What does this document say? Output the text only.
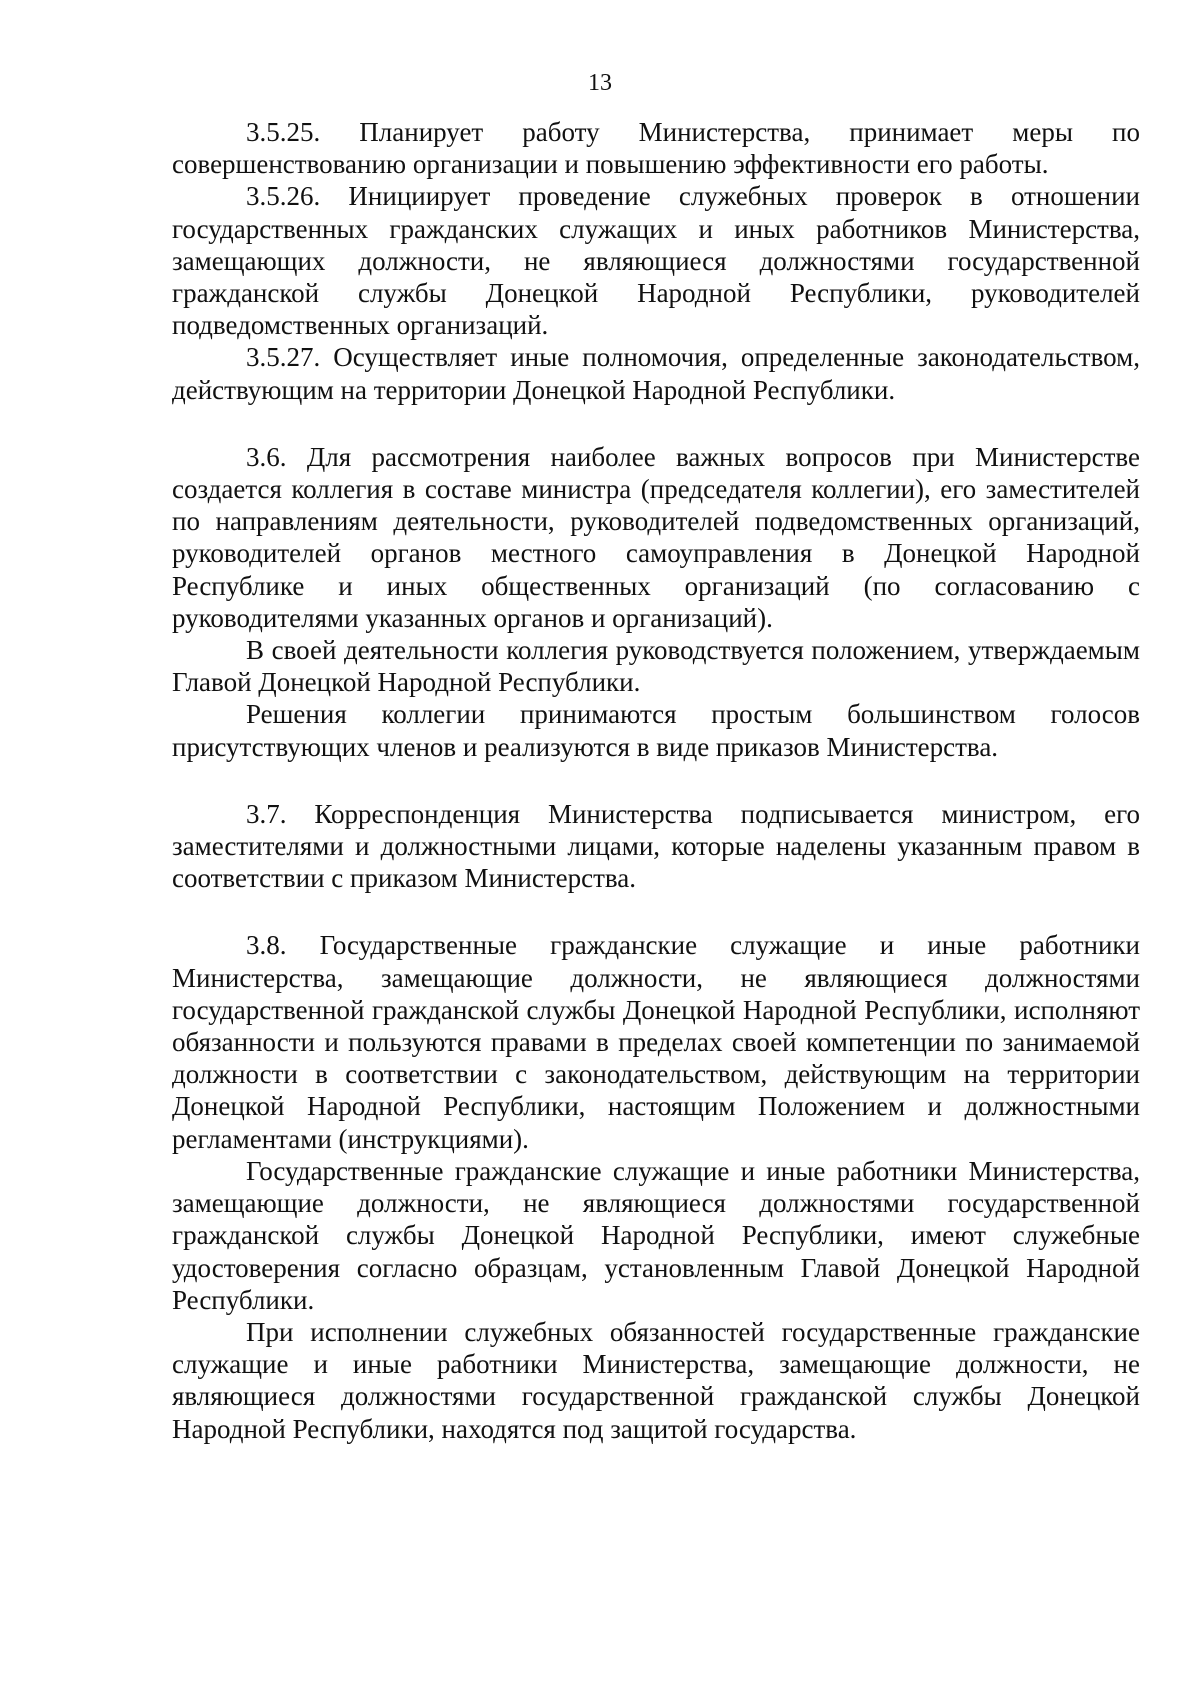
13

3.5.25. Планирует работу Министерства, принимает меры по совершенствованию организации и повышению эффективности его работы.

3.5.26. Инициирует проведение служебных проверок в отношении государственных гражданских служащих и иных работников Министерства, замещающих должности, не являющиеся должностями государственной гражданской службы Донецкой Народной Республики, руководителей подведомственных организаций.

3.5.27. Осуществляет иные полномочия, определенные законодательством, действующим на территории Донецкой Народной Республики.

3.6. Для рассмотрения наиболее важных вопросов при Министерстве создается коллегия в составе министра (председателя коллегии), его заместителей по направлениям деятельности, руководителей подведомственных организаций, руководителей органов местного самоуправления в Донецкой Народной Республике и иных общественных организаций (по согласованию с руководителями указанных органов и организаций).

В своей деятельности коллегия руководствуется положением, утверждаемым Главой Донецкой Народной Республики.

Решения коллегии принимаются простым большинством голосов присутствующих членов и реализуются в виде приказов Министерства.

3.7. Корреспонденция Министерства подписывается министром, его заместителями и должностными лицами, которые наделены указанным правом в соответствии с приказом Министерства.

3.8. Государственные гражданские служащие и иные работники Министерства, замещающие должности, не являющиеся должностями государственной гражданской службы Донецкой Народной Республики, исполняют обязанности и пользуются правами в пределах своей компетенции по занимаемой должности в соответствии с законодательством, действующим на территории Донецкой Народной Республики, настоящим Положением и должностными регламентами (инструкциями).

Государственные гражданские служащие и иные работники Министерства, замещающие должности, не являющиеся должностями государственной гражданской службы Донецкой Народной Республики, имеют служебные удостоверения согласно образцам, установленным Главой Донецкой Народной Республики.

При исполнении служебных обязанностей государственные гражданские служащие и иные работники Министерства, замещающие должности, не являющиеся должностями государственной гражданской службы Донецкой Народной Республики, находятся под защитой государства.
